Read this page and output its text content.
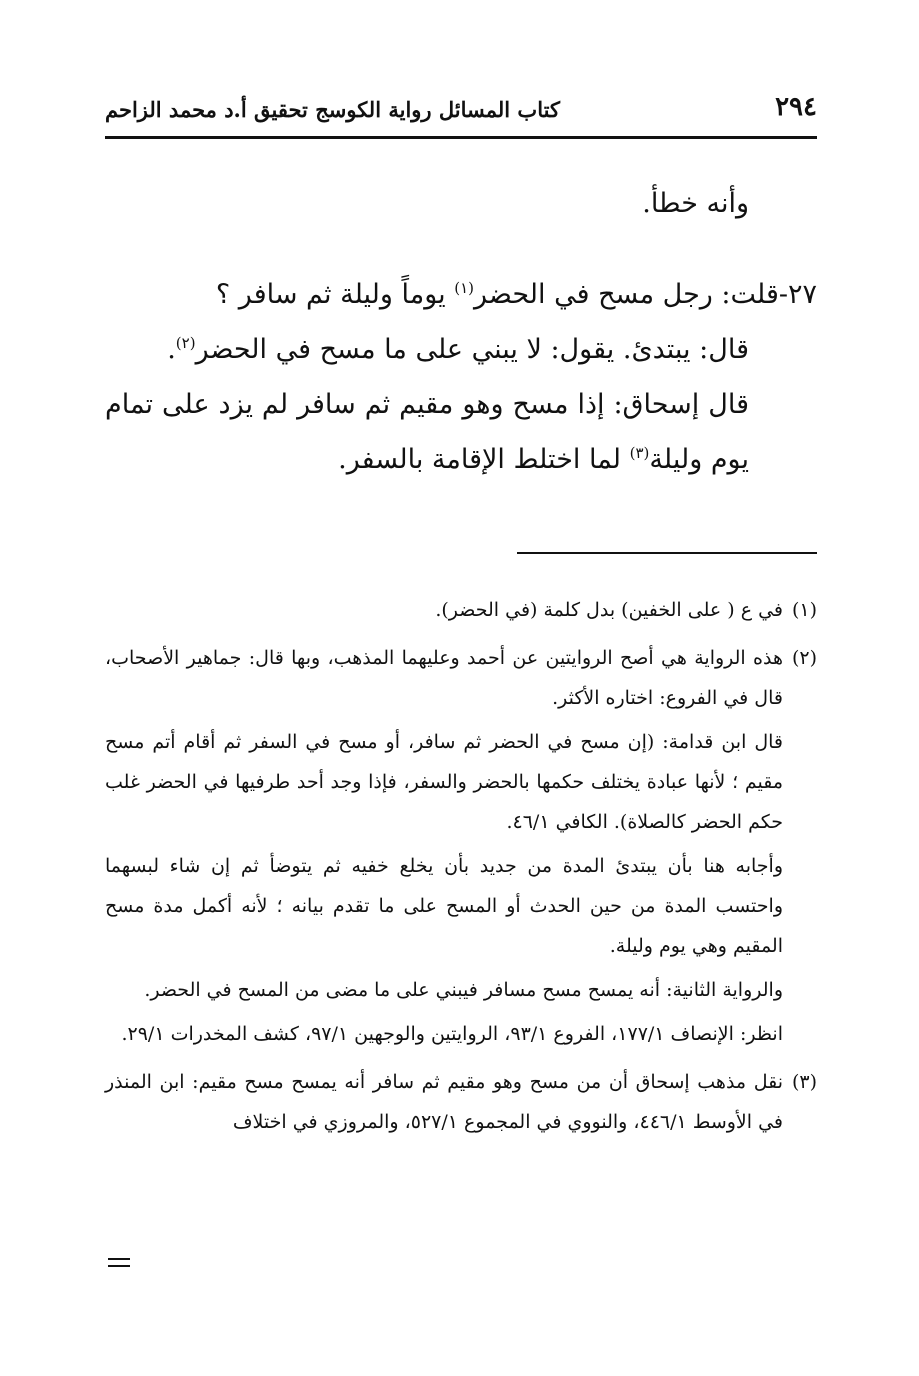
٢٩٤
كتاب المسائل رواية الكوسج تحقيق أ.د محمد الزاحم

وأنه خطأ.

٢٧-
قلت: رجل مسح في الحضر$^{(١)}$ يوماً وليلة ثم سافر ؟

قال: يبتدئ. يقول: لا يبني على ما مسح في الحضر$^{(٢)}$.

قال إسحاق: إذا مسح وهو مقيم ثم سافر لم يزد على تمام يوم وليلة$^{(٣)}$ لما اختلط الإقامة بالسفر.

(١)

في ع ( على الخفين) بدل كلمة (في الحضر).

(٢)

هذه الرواية هي أصح الروايتين عن أحمد وعليهما المذهب، وبها قال: جماهير الأصحاب، قال في الفروع: اختاره الأكثر.

قال ابن قدامة: (إن مسح في الحضر ثم سافر، أو مسح في السفر ثم أقام أتم مسح مقيم ؛ لأنها عبادة يختلف حكمها بالحضر والسفر، فإذا وجد أحد طرفيها في الحضر غلب حكم الحضر كالصلاة). الكافي ٤٦/١.

وأجابه هنا بأن يبتدئ المدة من جديد بأن يخلع خفيه ثم يتوضأ ثم إن شاء لبسهما واحتسب المدة من حين الحدث أو المسح على ما تقدم بيانه ؛ لأنه أكمل مدة مسح المقيم وهي يوم وليلة.

والرواية الثانية: أنه يمسح مسح مسافر فيبني على ما مضى من المسح في الحضر.

انظر: الإنصاف ١٧٧/١، الفروع ٩٣/١، الروايتين والوجهين ٩٧/١، كشف المخدرات ٢٩/١.

(٣)

نقل مذهب إسحاق أن من مسح وهو مقيم ثم سافر أنه يمسح مسح مقيم: ابن المنذر في الأوسط ٤٤٦/١، والنووي في المجموع ٥٢٧/١، والمروزي في اختلاف
